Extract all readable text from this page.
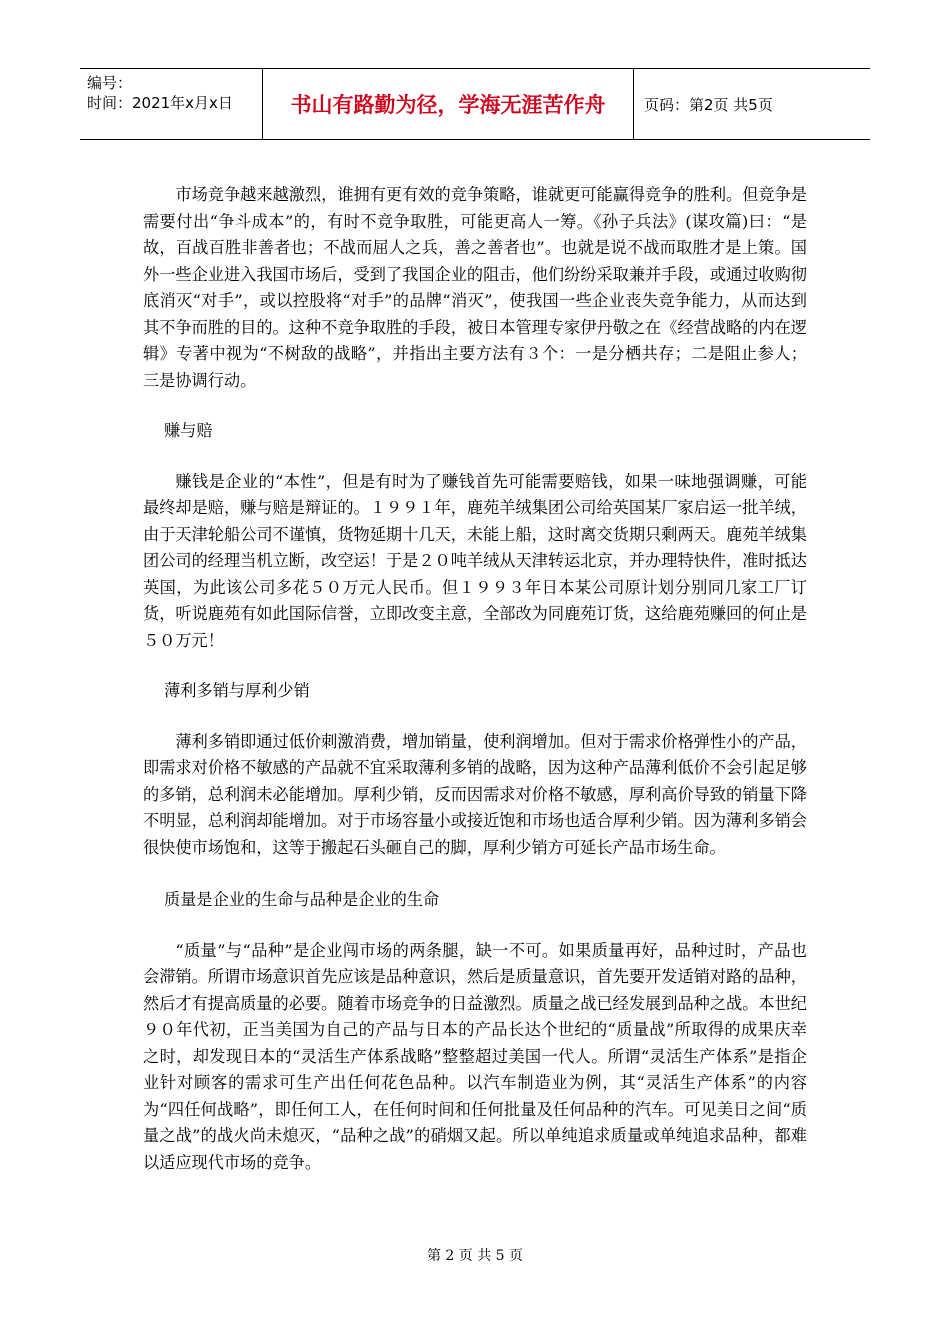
编号：
时间：2021年x月x日	书山有路勤为径，学海无涯苦作舟	页码：第2页 共5页

市场竞争越来越激烈，谁拥有更有效的竞争策略，谁就更可能赢得竞争的胜利。但竞争是需要付出“争斗成本”的，有时不竞争取胜，可能更高人一筹。《孙子兵法》(谋攻篇)曰：“是故，百战百胜非善者也；不战而屈人之兵，善之善者也”。也就是说不战而取胜才是上策。国外一些企业进入我国市场后，受到了我国企业的阻击，他们纷纷采取兼并手段，或通过收购彻底消灭“对手”，或以控股将“对手”的品牌“消灭”，使我国一些企业丧失竞争能力，从而达到其不争而胜的目的。这种不竞争取胜的手段，被日本管理专家伊丹敬之在《经营战略的内在逻辑》专著中视为“不树敌的战略”，并指出主要方法有３个：一是分栖共存；二是阻止参人；三是协调行动。

赚与赔

赚钱是企业的“本性”，但是有时为了赚钱首先可能需要赔钱，如果一味地强调赚，可能最终却是赔，赚与赔是辩证的。１９９１年，鹿苑羊绒集团公司给英国某厂家启运一批羊绒，由于天津轮船公司不谨慎，货物延期十几天，未能上船，这时离交货期只剩两天。鹿苑羊绒集团公司的经理当机立断，改空运！于是２０吨羊绒从天津转运北京，并办理特快件，准时抵达英国，为此该公司多花５０万元人民币。但１９９３年日本某公司原计划分别同几家工厂订货，听说鹿苑有如此国际信誉，立即改变主意，全部改为同鹿苑订货，这给鹿苑赚回的何止是５０万元！

薄利多销与厚利少销

薄利多销即通过低价刺激消费，增加销量，使利润增加。但对于需求价格弹性小的产品，即需求对价格不敏感的产品就不宜采取薄利多销的战略，因为这种产品薄利低价不会引起足够的多销，总利润未必能增加。厚利少销，反而因需求对价格不敏感，厚利高价导致的销量下降不明显，总利润却能增加。对于市场容量小或接近饱和市场也适合厚利少销。因为薄利多销会很快使市场饱和，这等于搬起石头砸自己的脚，厚利少销方可延长产品市场生命。

质量是企业的生命与品种是企业的生命

“质量”与“品种”是企业闯市场的两条腿，缺一不可。如果质量再好，品种过时，产品也会滞销。所谓市场意识首先应该是品种意识，然后是质量意识，首先要开发适销对路的品种，然后才有提高质量的必要。随着市场竞争的日益激烈。质量之战已经发展到品种之战。本世纪９０年代初，正当美国为自己的产品与日本的产品长达个世纪的“质量战”所取得的成果庆幸之时，却发现日本的“灵活生产体系战略”整整超过美国一代人。所谓“灵活生产体系”是指企业针对顾客的需求可生产出任何花色品种。以汽车制造业为例，其“灵活生产体系”的内容为“四任何战略”，即任何工人，在任何时间和任何批量及任何品种的汽车。可见美日之间“质量之战”的战火尚未熄灭，“品种之战”的硝烟又起。所以单纯追求质量或单纯追求品种，都难以适应现代市场的竞争。

第 2 页 共 5 页
